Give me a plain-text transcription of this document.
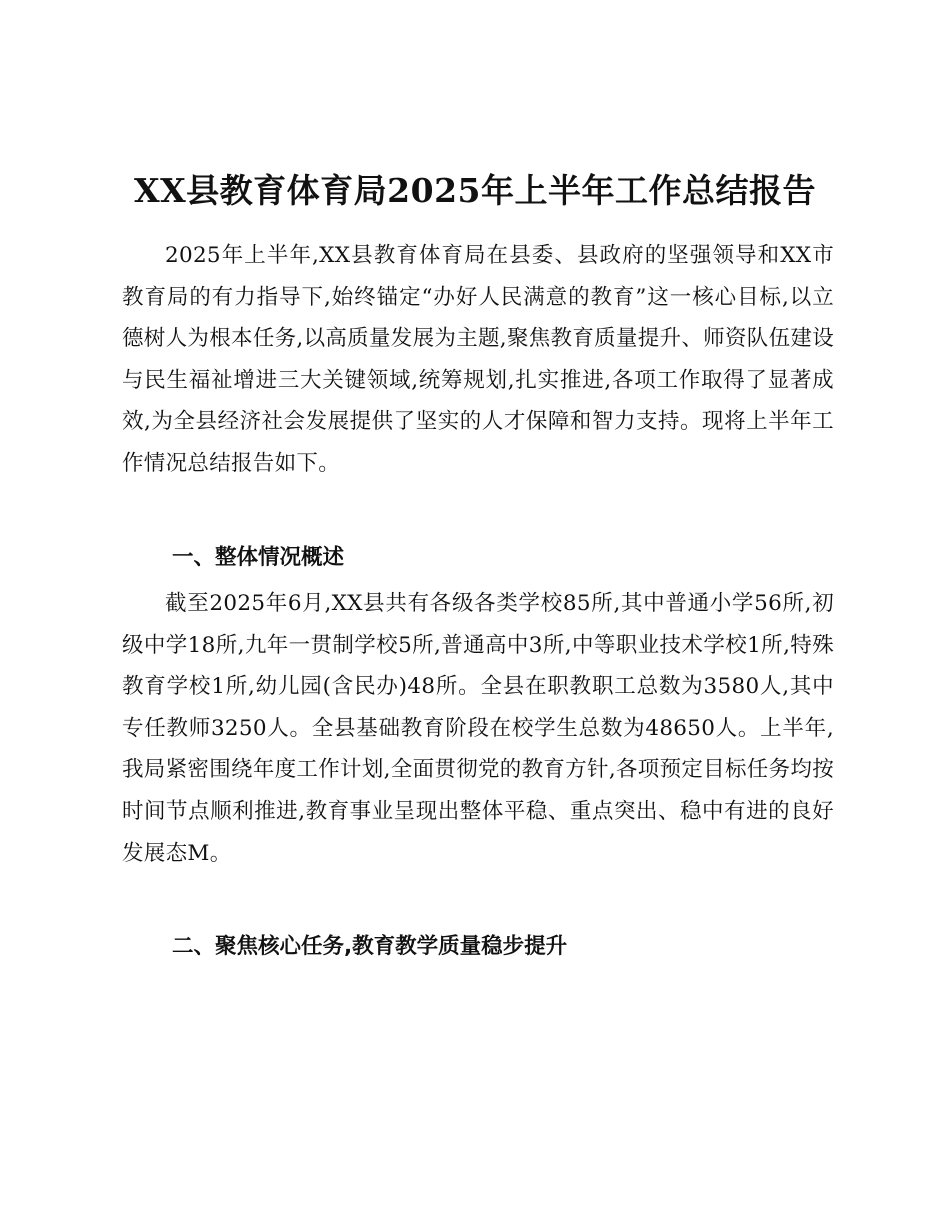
XX县教育体育局2025年上半年工作总结报告

2025年上半年,XX县教育体育局在县委、县政府的坚强领导和XX市教育局的有力指导下,始终锚定“办好人民满意的教育”这一核心目标,以立德树人为根本任务,以高质量发展为主题,聚焦教育质量提升、师资队伍建设与民生福祉增进三大关键领域,统筹规划,扎实推进,各项工作取得了显著成效,为全县经济社会发展提供了坚实的人才保障和智力支持。现将上半年工作情况总结报告如下。

一、整体情况概述

截至2025年6月,XX县共有各级各类学校85所,其中普通小学56所,初级中学18所,九年一贯制学校5所,普通高中3所,中等职业技术学校1所,特殊教育学校1所,幼儿园(含民办)48所。全县在职教职工总数为3580人,其中专任教师3250人。全县基础教育阶段在校学生总数为48650人。上半年,我局紧密围绕年度工作计划,全面贯彻党的教育方针,各项预定目标任务均按时间节点顺利推进,教育事业呈现出整体平稳、重点突出、稳中有进的良好发展态M。

二、聚焦核心任务,教育教学质量稳步提升
